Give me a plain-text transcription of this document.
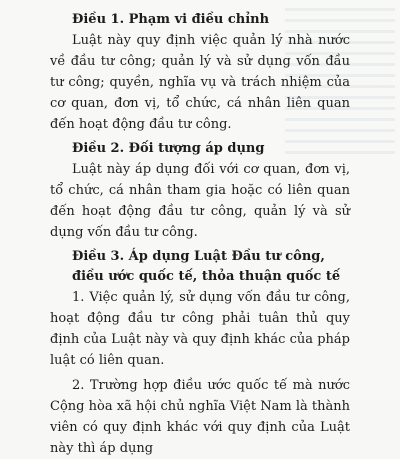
Điều 1. Phạm vi điều chỉnh

Luật này quy định việc quản lý nhà nước về đầu tư công; quản lý và sử dụng vốn đầu tư công; quyền, nghĩa vụ và trách nhiệm của cơ quan, đơn vị, tổ chức, cá nhân liên quan đến hoạt động đầu tư công.

Điều 2. Đối tượng áp dụng

Luật này áp dụng đối với cơ quan, đơn vị, tổ chức, cá nhân tham gia hoặc có liên quan đến hoạt động đầu tư công, quản lý và sử dụng vốn đầu tư công.

Điều 3. Áp dụng Luật Đầu tư công, điều ước quốc tế, thỏa thuận quốc tế

1. Việc quản lý, sử dụng vốn đầu tư công, hoạt động đầu tư công phải tuân thủ quy định của Luật này và quy định khác của pháp luật có liên quan.

2. Trường hợp điều ước quốc tế mà nước Cộng hòa xã hội chủ nghĩa Việt Nam là thành viên có quy định khác với quy định của Luật này thì áp dụng
